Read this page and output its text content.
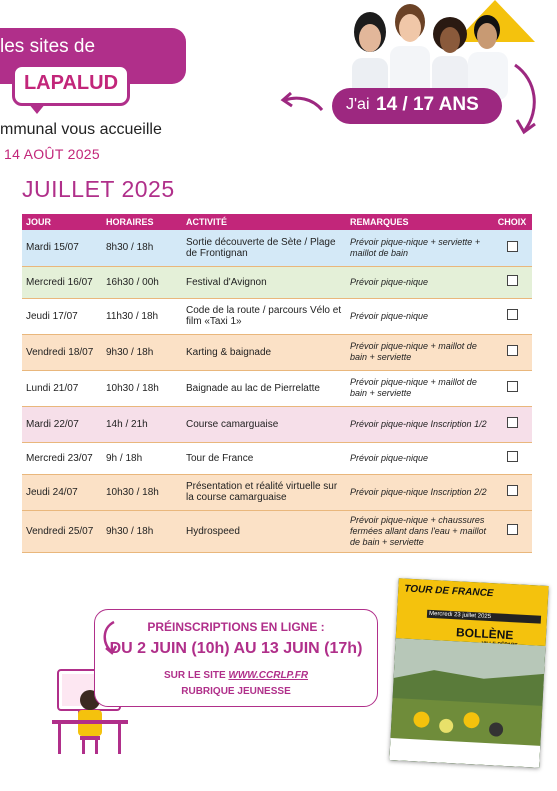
les sites de
LAPALUD
mmunal vous accueille
14 AOÛT 2025
J'ai 14 / 17 ANS
JUILLET 2025
JOUR	HORAIRES	ACTIVITÉ	REMARQUES	CHOIX
Mardi 15/07	8h30 / 18h	Sortie découverte de Sète / Plage de Frontignan	Prévoir pique-nique + serviette + maillot de bain	
Mercredi 16/07	16h30 / 00h	Festival d'Avignon	Prévoir pique-nique	
Jeudi 17/07	11h30 / 18h	Code de la route / parcours Vélo et film «Taxi 1»	Prévoir pique-nique	
Vendredi 18/07	9h30 / 18h	Karting & baignade	Prévoir pique-nique + maillot de bain + serviette	
Lundi 21/07	10h30 / 18h	Baignade au lac de Pierrelatte	Prévoir pique-nique + maillot de bain + serviette	
Mardi 22/07	14h / 21h	Course camarguaise	Prévoir pique-nique Inscription 1/2	
Mercredi 23/07	9h / 18h	Tour de France	Prévoir pique-nique	
Jeudi 24/07	10h30 / 18h	Présentation et réalité virtuelle sur la course camarguaise	Prévoir pique-nique Inscription 2/2	
Vendredi 25/07	9h30 / 18h	Hydrospeed	Prévoir pique-nique + chaussures fermées allant dans l'eau + maillot de bain + serviette	
PRÉINSCRIPTIONS EN LIGNE :
DU 2 JUIN (10h) AU 13 JUIN (17h)
SUR LE SITE WWW.CCRLP.FR
RUBRIQUE JEUNESSE
TOUR DE FRANCE
Mercredi 23 juillet 2025
BOLLÈNE
